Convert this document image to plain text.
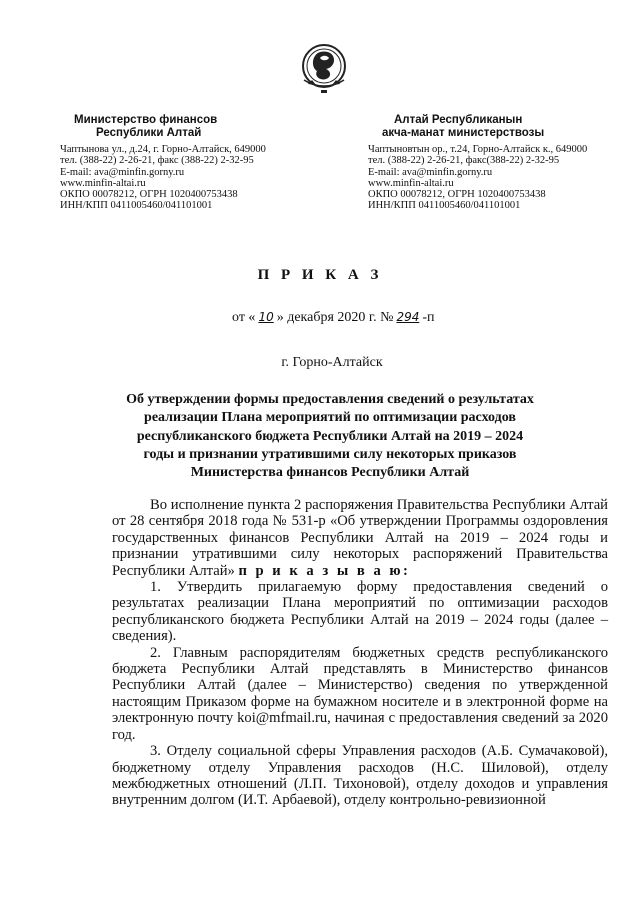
Министерство финансов
Республики Алтай
Чаптынова ул., д.24, г. Горно-Алтайск, 649000
тел. (388-22) 2-26-21, факс (388-22) 2-32-95
E-mail: ava@minfin.gorny.ru
www.minfin-altai.ru
ОКПО 00078212, ОГРН 1020400753438
ИНН/КПП 0411005460/041101001
Алтай Республиканын
акча-манат министерствозы
Чаптыновтын ор., т.24, Горно-Алтайск к., 649000
тел. (388-22) 2-26-21, факс(388-22) 2-32-95
E-mail: ava@minfin.gorny.ru
www.minfin-altai.ru
ОКПО 00078212, ОГРН 1020400753438
ИНН/КПП 0411005460/041101001
П Р И К А З
от « 10 » декабря 2020 г. № 294 -п
г. Горно-Алтайск
Об утверждении формы предоставления сведений о результатах реализации Плана мероприятий по оптимизации расходов республиканского бюджета Республики Алтай на 2019 – 2024 годы и признании утратившими силу некоторых приказов Министерства финансов Республики Алтай

Во исполнение пункта 2 распоряжения Правительства Республики Алтай от 28 сентября 2018 года № 531-р «Об утверждении Программы оздоровления государственных финансов Республики Алтай на 2019 – 2024 годы и признании утратившими силу некоторых распоряжений Правительства Республики Алтай» п р и к а з ы в а ю:

1. Утвердить прилагаемую форму предоставления сведений о результатах реализации Плана мероприятий по оптимизации расходов республиканского бюджета Республики Алтай на 2019 – 2024 годы (далее – сведения).

2. Главным распорядителям бюджетных средств республиканского бюджета Республики Алтай представлять в Министерство финансов Республики Алтай (далее – Министерство) сведения по утвержденной настоящим Приказом форме на бумажном носителе и в электронной форме на электронную почту koi@mfmail.ru, начиная с предоставления сведений за 2020 год.

3. Отделу социальной сферы Управления расходов (А.Б. Сумачаковой), бюджетному отделу Управления расходов (Н.С. Шиловой), отделу межбюджетных отношений (Л.П. Тихоновой), отделу доходов и управления внутренним долгом (И.Т. Арбаевой), отделу контрольно-ревизионной
